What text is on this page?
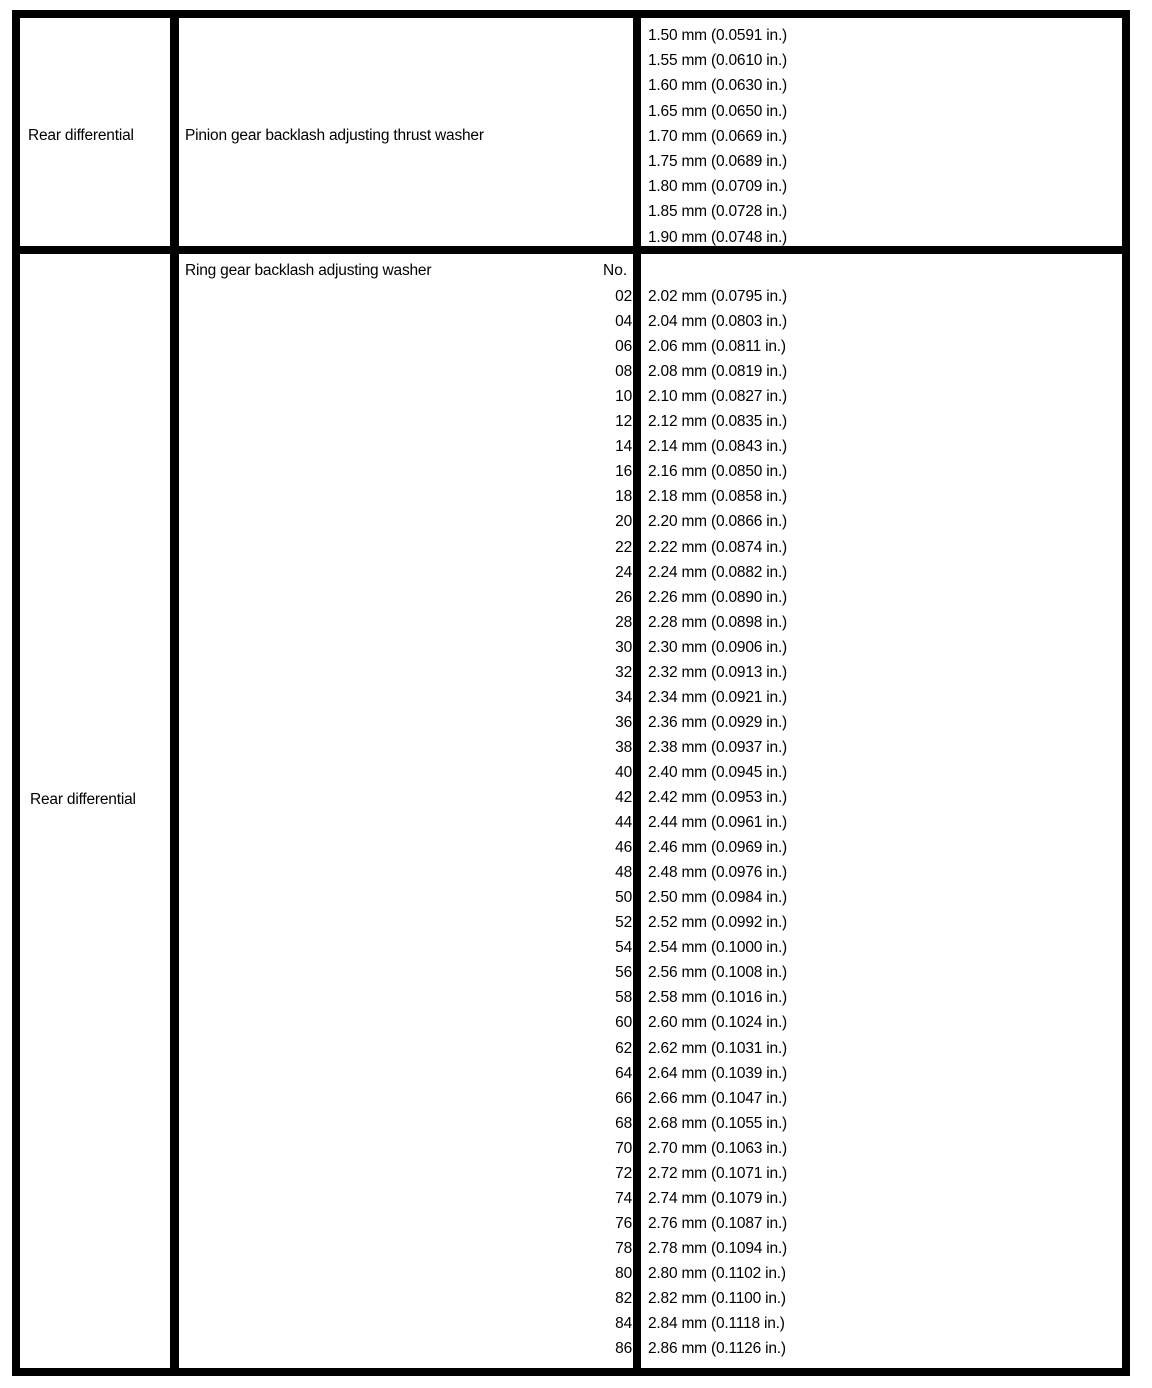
Rear differential	Pinion gear backlash adjusting thrust washer
1.50 mm (0.0591 in.)
1.55 mm (0.0610 in.)
1.60 mm (0.0630 in.)
1.65 mm (0.0650 in.)
1.70 mm (0.0669 in.)
1.75 mm (0.0689 in.)
1.80 mm (0.0709 in.)
1.85 mm (0.0728 in.)
1.90 mm (0.0748 in.)
Rear differential
Ring gear backlash adjusting washer	No.
02 2.02 mm (0.0795 in.)
04 2.04 mm (0.0803 in.)
06 2.06 mm (0.0811 in.)
08 2.08 mm (0.0819 in.)
10 2.10 mm (0.0827 in.)
12 2.12 mm (0.0835 in.)
14 2.14 mm (0.0843 in.)
16 2.16 mm (0.0850 in.)
18 2.18 mm (0.0858 in.)
20 2.20 mm (0.0866 in.)
22 2.22 mm (0.0874 in.)
24 2.24 mm (0.0882 in.)
26 2.26 mm (0.0890 in.)
28 2.28 mm (0.0898 in.)
30 2.30 mm (0.0906 in.)
32 2.32 mm (0.0913 in.)
34 2.34 mm (0.0921 in.)
36 2.36 mm (0.0929 in.)
38 2.38 mm (0.0937 in.)
40 2.40 mm (0.0945 in.)
42 2.42 mm (0.0953 in.)
44 2.44 mm (0.0961 in.)
46 2.46 mm (0.0969 in.)
48 2.48 mm (0.0976 in.)
50 2.50 mm (0.0984 in.)
52 2.52 mm (0.0992 in.)
54 2.54 mm (0.1000 in.)
56 2.56 mm (0.1008 in.)
58 2.58 mm (0.1016 in.)
60 2.60 mm (0.1024 in.)
62 2.62 mm (0.1031 in.)
64 2.64 mm (0.1039 in.)
66 2.66 mm (0.1047 in.)
68 2.68 mm (0.1055 in.)
70 2.70 mm (0.1063 in.)
72 2.72 mm (0.1071 in.)
74 2.74 mm (0.1079 in.)
76 2.76 mm (0.1087 in.)
78 2.78 mm (0.1094 in.)
80 2.80 mm (0.1102 in.)
82 2.82 mm (0.1100 in.)
84 2.84 mm (0.1118 in.)
86 2.86 mm (0.1126 in.)
